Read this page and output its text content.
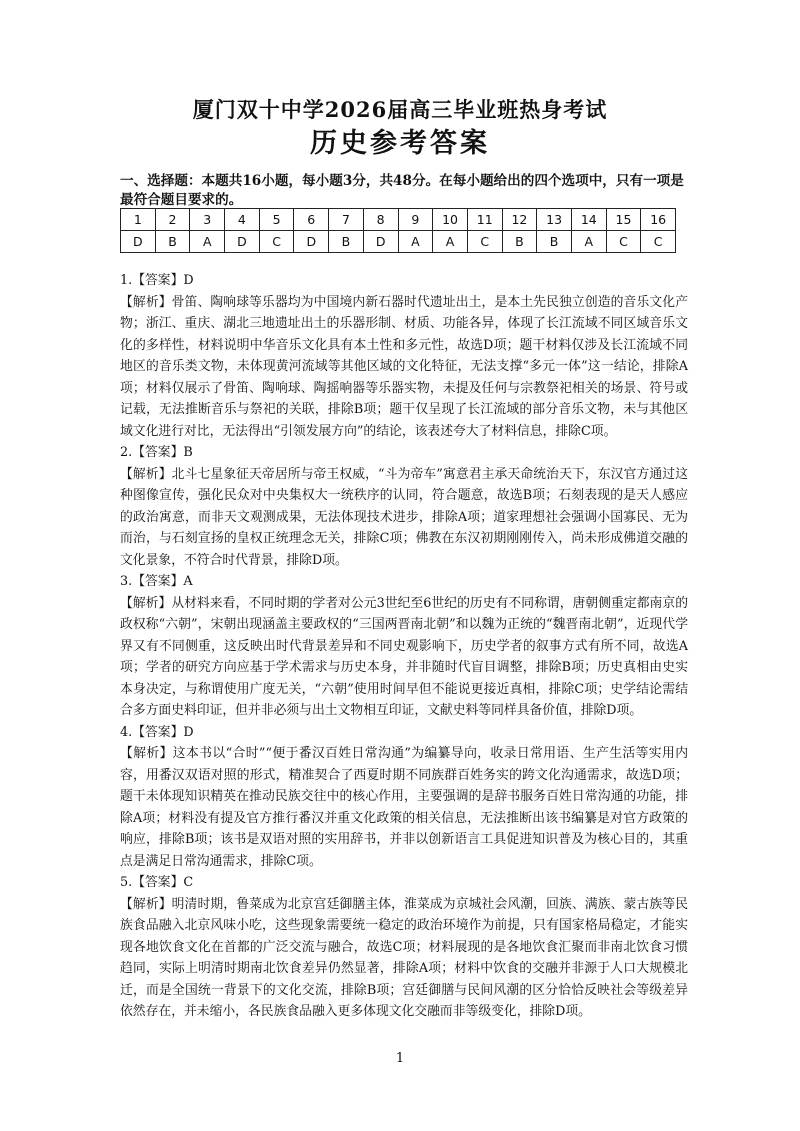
厦门双十中学2026届高三毕业班热身考试
历史参考答案
一、选择题：本题共16小题，每小题3分，共48分。在每小题给出的四个选项中，只有一项是最符合题目要求的。
1	2	3	4	5	6	7	8	9	10	11	12	13	14	15	16
D	B	A	D	C	D	B	D	A	A	C	B	B	A	C	C

1.【答案】D

【解析】骨笛、陶响球等乐器均为中国境内新石器时代遗址出土，是本土先民独立创造的音乐文化产物；浙江、重庆、湖北三地遗址出土的乐器形制、材质、功能各异，体现了长江流域不同区域音乐文化的多样性，材料说明中华音乐文化具有本土性和多元性，故选D项；题干材料仅涉及长江流域不同地区的音乐类文物，未体现黄河流域等其他区域的文化特征，无法支撑“多元一体”这一结论，排除A项；材料仅展示了骨笛、陶响球、陶摇响器等乐器实物，未提及任何与宗教祭祀相关的场景、符号或记载，无法推断音乐与祭祀的关联，排除B项；题干仅呈现了长江流域的部分音乐文物，未与其他区域文化进行对比，无法得出“引领发展方向”的结论，该表述夸大了材料信息，排除C项。

2.【答案】B

【解析】北斗七星象征天帝居所与帝王权威，“斗为帝车”寓意君主承天命统治天下，东汉官方通过这种图像宣传，强化民众对中央集权大一统秩序的认同，符合题意，故选B项；石刻表现的是天人感应的政治寓意，而非天文观测成果，无法体现技术进步，排除A项；道家理想社会强调小国寡民、无为而治，与石刻宣扬的皇权正统理念无关，排除C项；佛教在东汉初期刚刚传入，尚未形成佛道交融的文化景象，不符合时代背景，排除D项。

3.【答案】A

【解析】从材料来看，不同时期的学者对公元3世纪至6世纪的历史有不同称谓，唐朝侧重定都南京的政权称“六朝”，宋朝出现涵盖主要政权的“三国两晋南北朝”和以魏为正统的“魏晋南北朝”，近现代学界又有不同侧重，这反映出时代背景差异和不同史观影响下，历史学者的叙事方式有所不同，故选A项；学者的研究方向应基于学术需求与历史本身，并非随时代盲目调整，排除B项；历史真相由史实本身决定，与称谓使用广度无关，“六朝”使用时间早但不能说更接近真相，排除C项；史学结论需结合多方面史料印证，但并非必须与出土文物相互印证，文献史料等同样具备价值，排除D项。

4.【答案】D

【解析】这本书以“合时”“便于番汉百姓日常沟通”为编纂导向，收录日常用语、生产生活等实用内容，用番汉双语对照的形式，精准契合了西夏时期不同族群百姓务实的跨文化沟通需求，故选D项；题干未体现知识精英在推动民族交往中的核心作用，主要强调的是辞书服务百姓日常沟通的功能，排除A项；材料没有提及官方推行番汉并重文化政策的相关信息，无法推断出该书编纂是对官方政策的响应，排除B项；该书是双语对照的实用辞书，并非以创新语言工具促进知识普及为核心目的，其重点是满足日常沟通需求，排除C项。

5.【答案】C

【解析】明清时期，鲁菜成为北京宫廷御膳主体，淮菜成为京城社会风潮，回族、满族、蒙古族等民族食品融入北京风味小吃，这些现象需要统一稳定的政治环境作为前提，只有国家格局稳定，才能实现各地饮食文化在首都的广泛交流与融合，故选C项；材料展现的是各地饮食汇聚而非南北饮食习惯趋同，实际上明清时期南北饮食差异仍然显著，排除A项；材料中饮食的交融并非源于人口大规模北迁，而是全国统一背景下的文化交流，排除B项；宫廷御膳与民间风潮的区分恰恰反映社会等级差异依然存在，并未缩小，各民族食品融入更多体现文化交融而非等级变化，排除D项。

1
